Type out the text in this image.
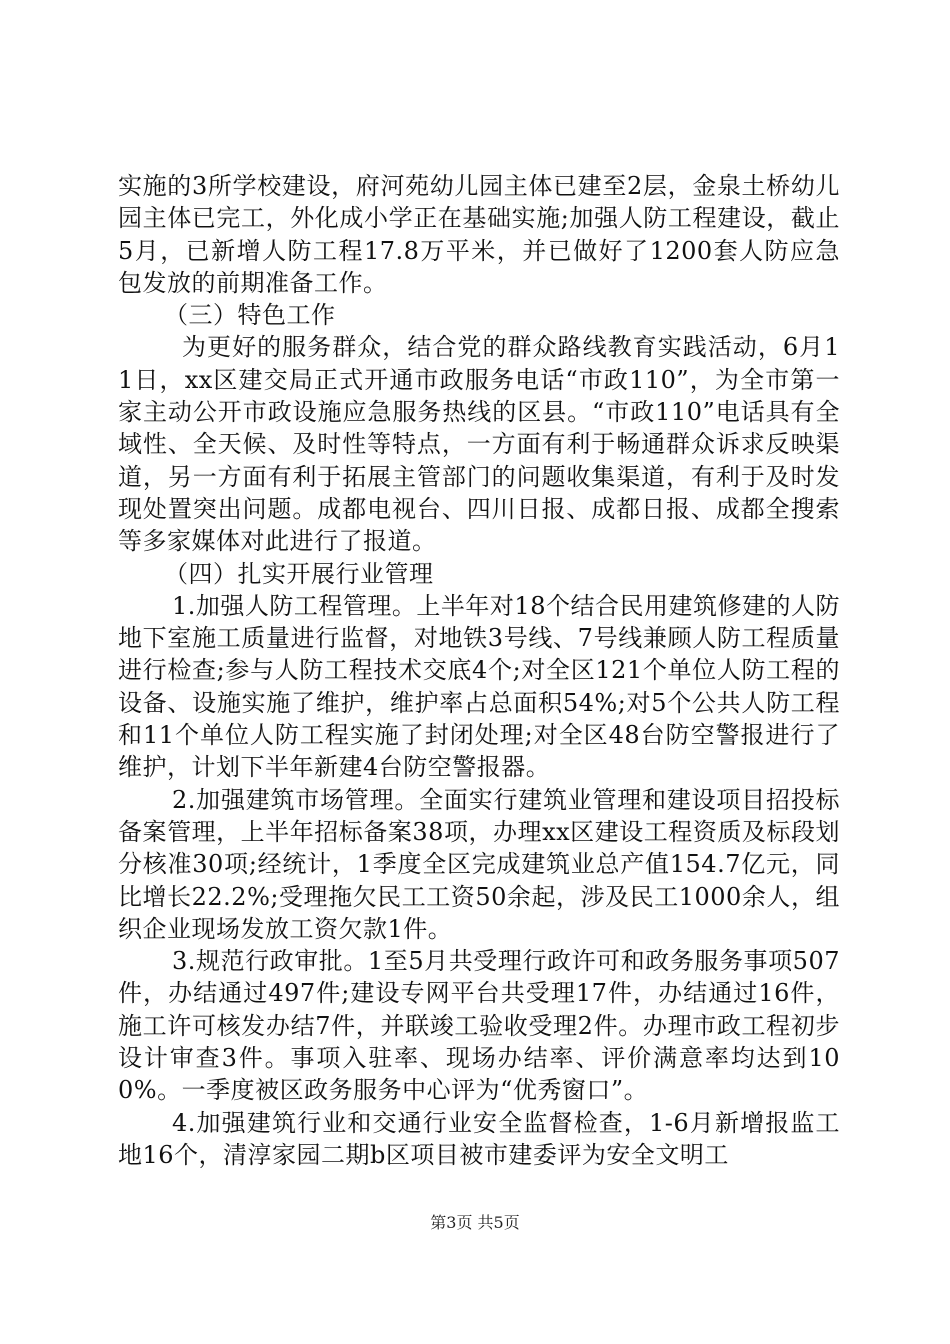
实施的3所学校建设，府河苑幼儿园主体已建至2层，金泉土桥幼儿园主体已完工，外化成小学正在基础实施;加强人防工程建设，截止5月，已新增人防工程17.8万平米，并已做好了1200套人防应急包发放的前期准备工作。

（三）特色工作

为更好的服务群众，结合党的群众路线教育实践活动，6月11日，xx区建交局正式开通市政服务电话“市政110”，为全市第一家主动公开市政设施应急服务热线的区县。“市政110”电话具有全域性、全天候、及时性等特点，一方面有利于畅通群众诉求反映渠道，另一方面有利于拓展主管部门的问题收集渠道，有利于及时发现处置突出问题。成都电视台、四川日报、成都日报、成都全搜索等多家媒体对此进行了报道。

（四）扎实开展行业管理

1.加强人防工程管理。上半年对18个结合民用建筑修建的人防地下室施工质量进行监督，对地铁3号线、7号线兼顾人防工程质量进行检查;参与人防工程技术交底4个;对全区121个单位人防工程的设备、设施实施了维护，维护率占总面积54%;对5个公共人防工程和11个单位人防工程实施了封闭处理;对全区48台防空警报进行了维护，计划下半年新建4台防空警报器。

2.加强建筑市场管理。全面实行建筑业管理和建设项目招投标备案管理，上半年招标备案38项，办理xx区建设工程资质及标段划分核准30项;经统计，1季度全区完成建筑业总产值154.7亿元，同比增长22.2%;受理拖欠民工工资50余起，涉及民工1000余人，组织企业现场发放工资欠款1件。

3.规范行政审批。1至5月共受理行政许可和政务服务事项507件，办结通过497件;建设专网平台共受理17件，办结通过16件，施工许可核发办结7件，并联竣工验收受理2件。办理市政工程初步设计审查3件。事项入驻率、现场办结率、评价满意率均达到100%。一季度被区政务服务中心评为“优秀窗口”。

4.加强建筑行业和交通行业安全监督检查，1-6月新增报监工地16个，清淳家园二期b区项目被市建委评为安全文明工

第3页 共5页
